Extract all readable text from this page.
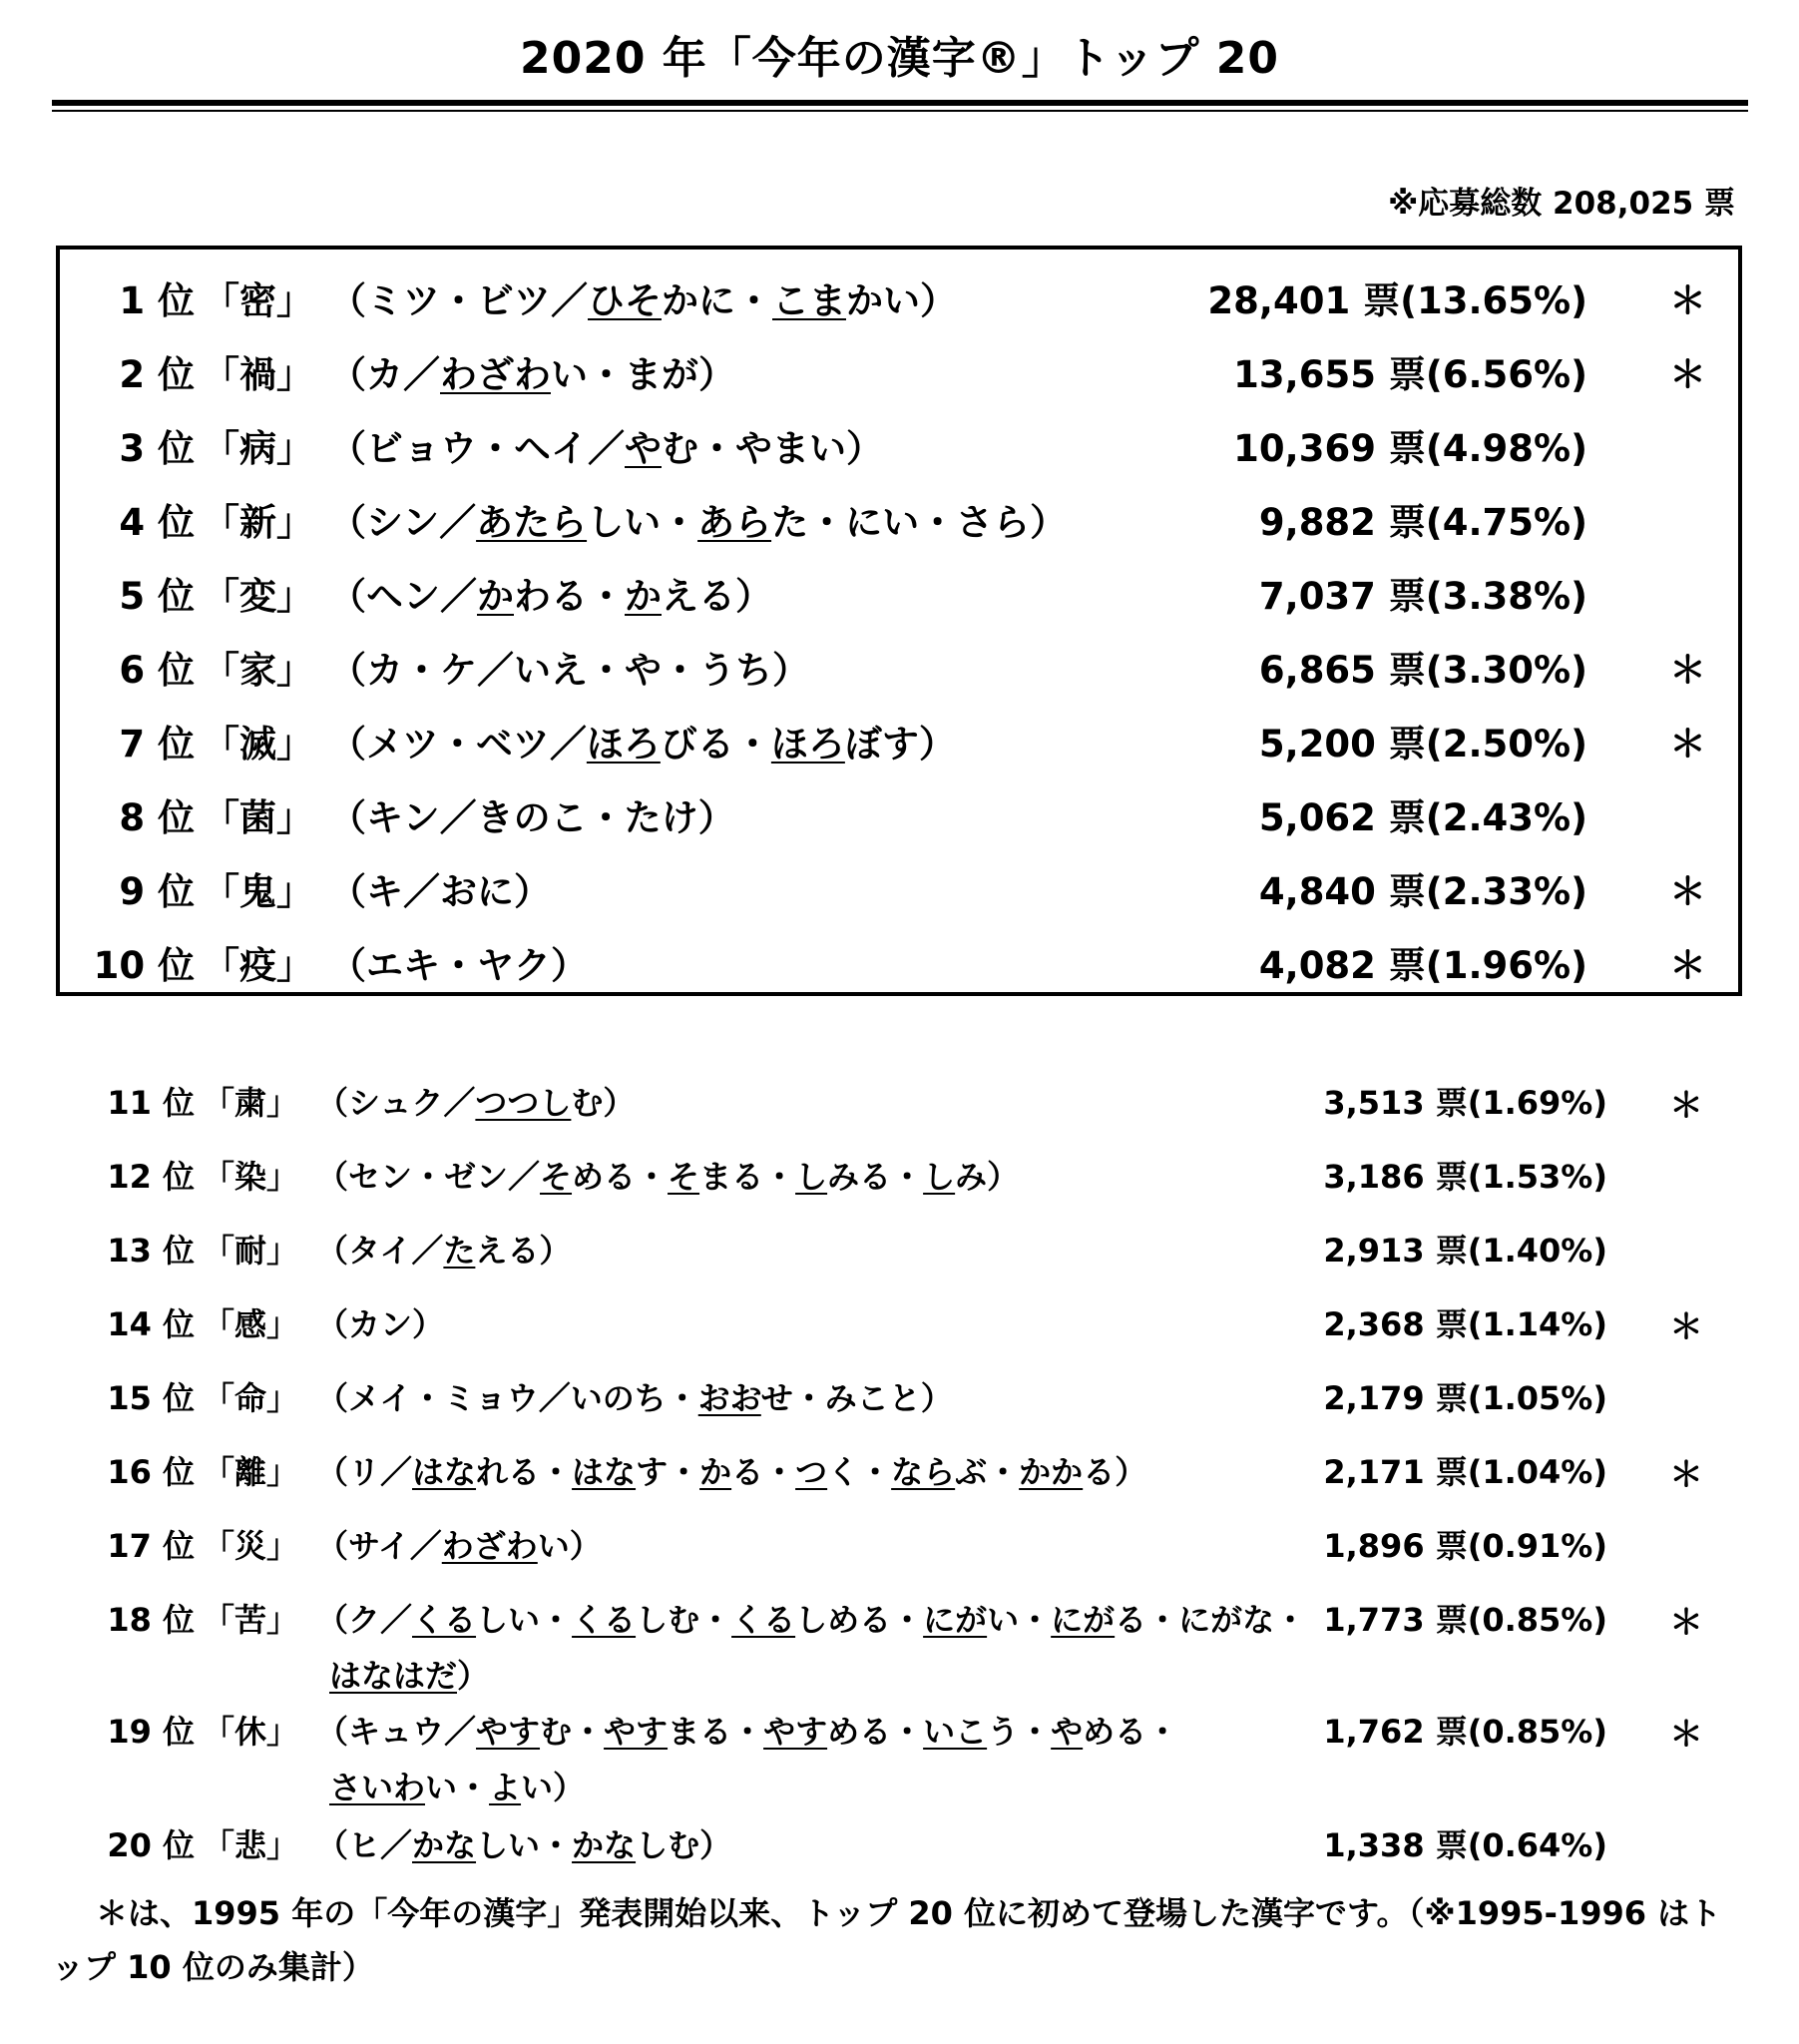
2020 年「今年の漢字®」トップ 20
※応募総数 208,025 票
1 位 「密」 （ミツ・ビツ／ひそかに・こまかい）	28,401 票(13.65%) ＊
2 位 「禍」 （カ／わざわい・まが）	13,655 票(6.56%) ＊
3 位 「病」 （ビョウ・ヘイ／やむ・やまい）	10,369 票(4.98%)
4 位 「新」 （シン／あたらしい・あらた・にい・さら）	9,882 票(4.75%)
5 位 「変」 （ヘン／かわる・かえる）	7,037 票(3.38%)
6 位 「家」 （カ・ケ／いえ・や・うち）	6,865 票(3.30%) ＊
7 位 「滅」 （メツ・ベツ／ほろびる・ほろぼす）	5,200 票(2.50%) ＊
8 位 「菌」 （キン／きのこ・たけ）	5,062 票(2.43%)
9 位 「鬼」 （キ／おに）	4,840 票(2.33%) ＊
10 位 「疫」 （エキ・ヤク）	4,082 票(1.96%) ＊
11 位 「粛」 （シュク／つつしむ）	3,513 票(1.69%) ＊
12 位 「染」 （セン・ゼン／そめる・そまる・しみる・しみ）	3,186 票(1.53%)
13 位 「耐」 （タイ／たえる）	2,913 票(1.40%)
14 位 「感」 （カン）	2,368 票(1.14%) ＊
15 位 「命」 （メイ・ミョウ／いのち・おおせ・みこと）	2,179 票(1.05%)
16 位 「離」 （リ／はなれる・はなす・かる・つく・ならぶ・かかる）	2,171 票(1.04%) ＊
17 位 「災」 （サイ／わざわい）	1,896 票(0.91%)
18 位 「苦」 （ク／くるしい・くるしむ・くるしめる・にがい・にがる・にがな・
はなはだ）
1,773 票(0.85%) ＊
19 位 「休」 （キュウ／やすむ・やすまる・やすめる・いこう・やめる・
さいわい・よい）
1,762 票(0.85%) ＊
20 位 「悲」 （ヒ／かなしい・かなしむ）	1,338 票(0.64%)
＊は、1995 年の「今年の漢字」発表開始以来、トップ 20 位に初めて登場した漢字です。（※1995-1996 はトップ 10 位のみ集計）
